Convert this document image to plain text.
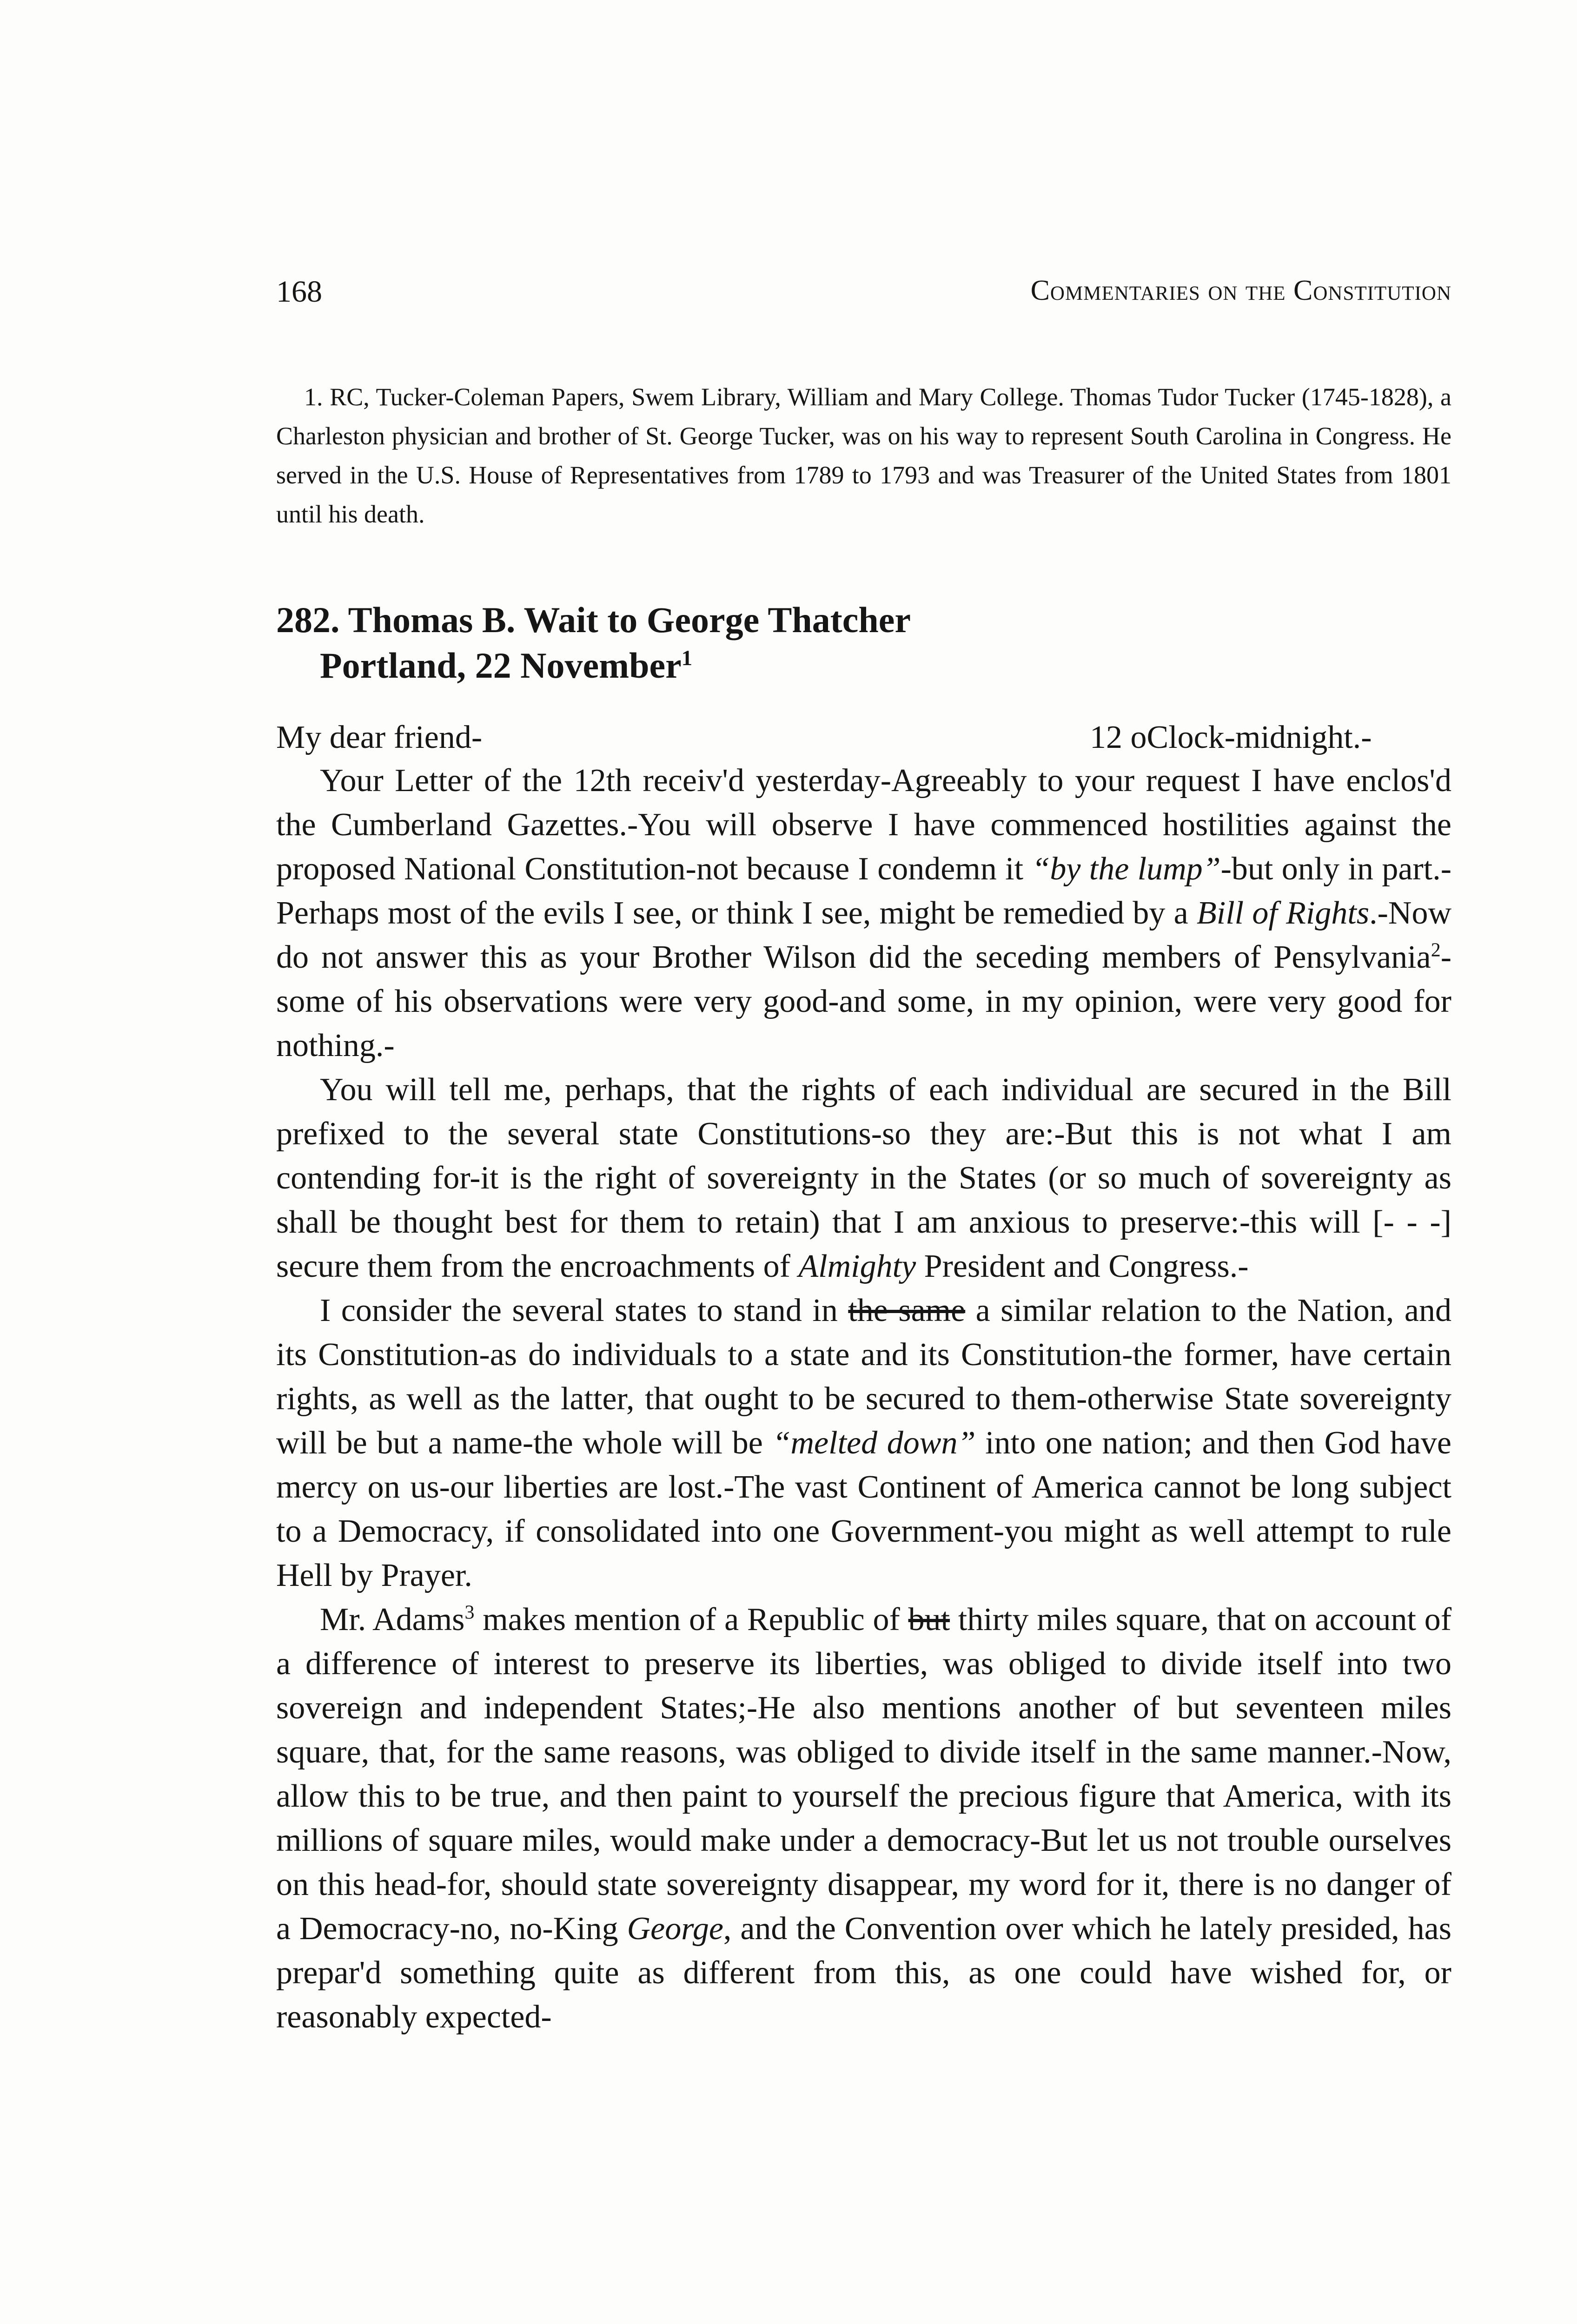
168	Commentaries on the Constitution

1. RC, Tucker-Coleman Papers, Swem Library, William and Mary College. Thomas Tudor Tucker (1745-1828), a Charleston physician and brother of St. George Tucker, was on his way to represent South Carolina in Congress. He served in the U.S. House of Representatives from 1789 to 1793 and was Treasurer of the United States from 1801 until his death.

282. Thomas B. Wait to George Thatcher
Portland, 22 November$^1$
My dear friend-	12 oClock-midnight.-

Your Letter of the 12th receiv'd yesterday-Agreeably to your request I have enclos'd the Cumberland Gazettes.-You will observe I have commenced hostilities against the proposed National Constitution-not because I condemn it “by the lump”-but only in part.-Perhaps most of the evils I see, or think I see, might be remedied by a Bill of Rights.-Now do not answer this as your Brother Wilson did the seceding members of Pensylvania$^2$-some of his observations were very good-and some, in my opinion, were very good for nothing.-

You will tell me, perhaps, that the rights of each individual are secured in the Bill prefixed to the several state Constitutions-so they are:-But this is not what I am contending for-it is the right of sovereignty in the States (or so much of sovereignty as shall be thought best for them to retain) that I am anxious to preserve:-this will [- - -] secure them from the encroachments of Almighty President and Congress.-

I consider the several states to stand in the same a similar relation to the Nation, and its Constitution-as do individuals to a state and its Constitution-the former, have certain rights, as well as the latter, that ought to be secured to them-otherwise State sovereignty will be but a name-the whole will be “melted down” into one nation; and then God have mercy on us-our liberties are lost.-The vast Continent of America cannot be long subject to a Democracy, if consolidated into one Government-you might as well attempt to rule Hell by Prayer.

Mr. Adams$^3$ makes mention of a Republic of but thirty miles square, that on account of a difference of interest to preserve its liberties, was obliged to divide itself into two sovereign and independent States;-He also mentions another of but seventeen miles square, that, for the same reasons, was obliged to divide itself in the same manner.-Now, allow this to be true, and then paint to yourself the precious figure that America, with its millions of square miles, would make under a democracy-But let us not trouble ourselves on this head-for, should state sovereignty disappear, my word for it, there is no danger of a Democracy-no, no-King George, and the Convention over which he lately presided, has prepar'd something quite as different from this, as one could have wished for, or reasonably expected-
